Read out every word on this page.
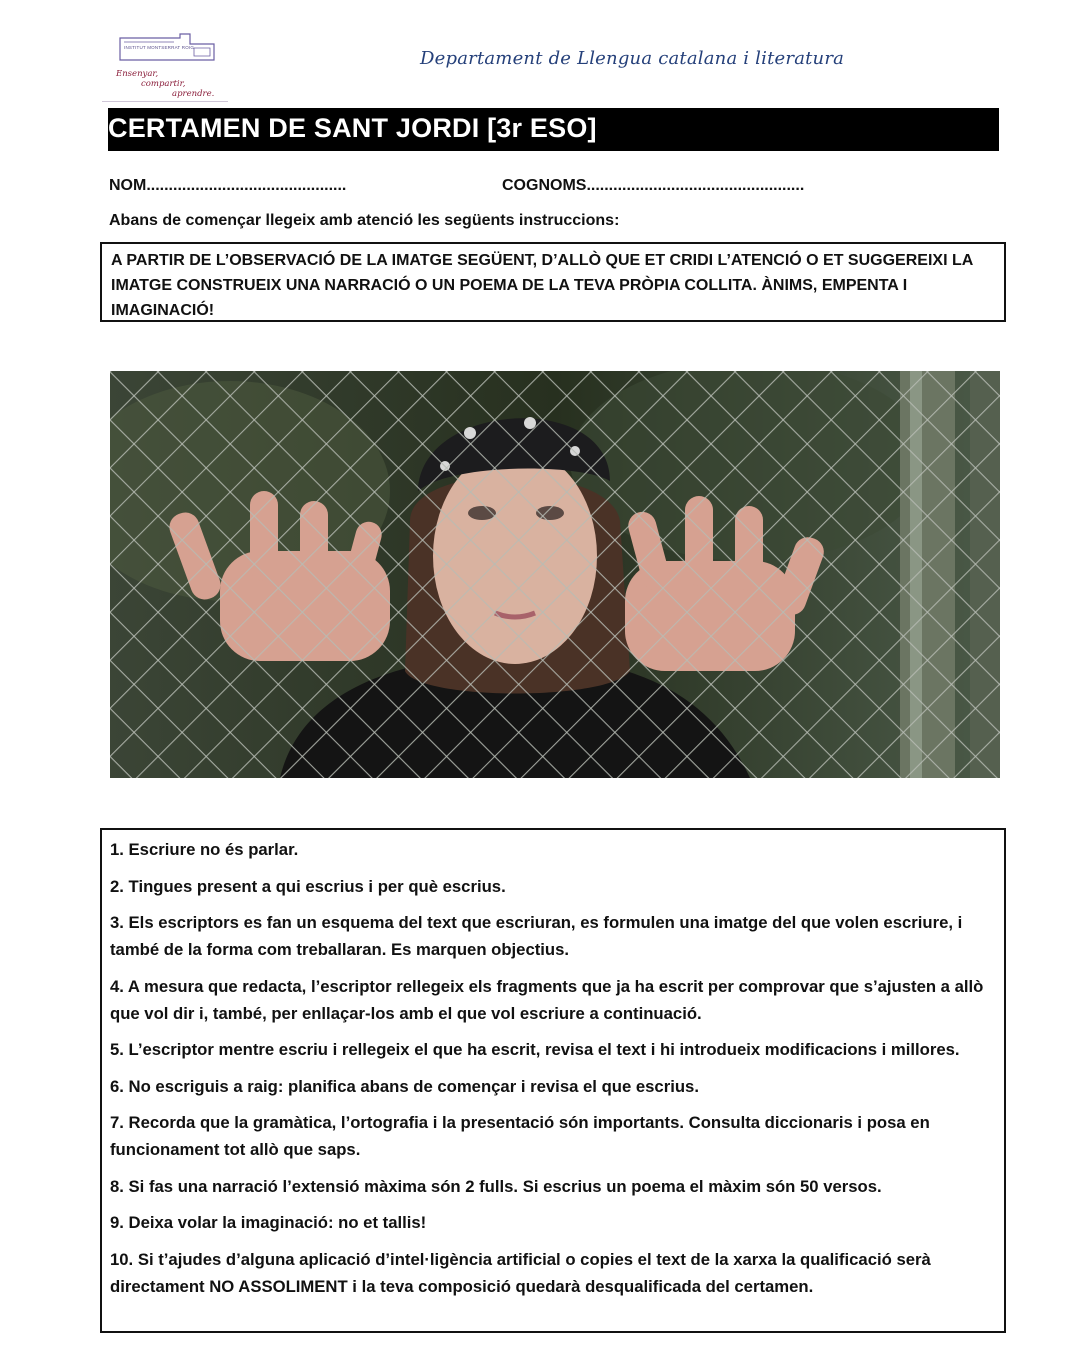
INSTITUT MONTSERRAT ROIG
Ensenyar,
compartir,
aprendre.
Departament de Llengua catalana i literatura
CERTAMEN DE SANT JORDI [3r ESO]
NOM.............................................	COGNOMS.................................................
Abans de començar llegeix amb atenció les següents instruccions:
A PARTIR DE L’OBSERVACIÓ DE LA IMATGE SEGÜENT, D’ALLÒ QUE ET CRIDI L’ATENCIÓ O ET SUGGEREIXI LA IMATGE CONSTRUEIX UNA NARRACIÓ O UN POEMA DE LA TEVA PRÒPIA COLLITA. ÀNIMS, EMPENTA I IMAGINACIÓ!
1. Escriure no és parlar.
2. Tingues present a qui escrius i per què escrius.
3. Els escriptors es fan un esquema del text que escriuran, es formulen una imatge del que volen escriure, i també de la forma com treballaran. Es marquen objectius.
4. A mesura que redacta, l’escriptor rellegeix els fragments que ja ha escrit per comprovar que s’ajusten a allò que vol dir i, també, per enllaçar-los amb el que vol escriure a continuació.
5. L’escriptor mentre escriu i rellegeix el que ha escrit, revisa el text i hi introdueix modificacions i millores.
6. No escriguis a raig: planifica abans de començar i revisa el que escrius.
7. Recorda que la gramàtica, l’ortografia i la presentació són importants. Consulta diccionaris i posa en funcionament tot allò que saps.
8. Si fas una narració l’extensió màxima són 2 fulls. Si escrius un poema el màxim són 50 versos.
9. Deixa volar la imaginació: no et tallis!
10. Si t’ajudes d’alguna aplicació d’intel·ligència artificial o copies el text de la xarxa la qualificació serà directament NO ASSOLIMENT i la teva composició quedarà desqualificada del certamen.
